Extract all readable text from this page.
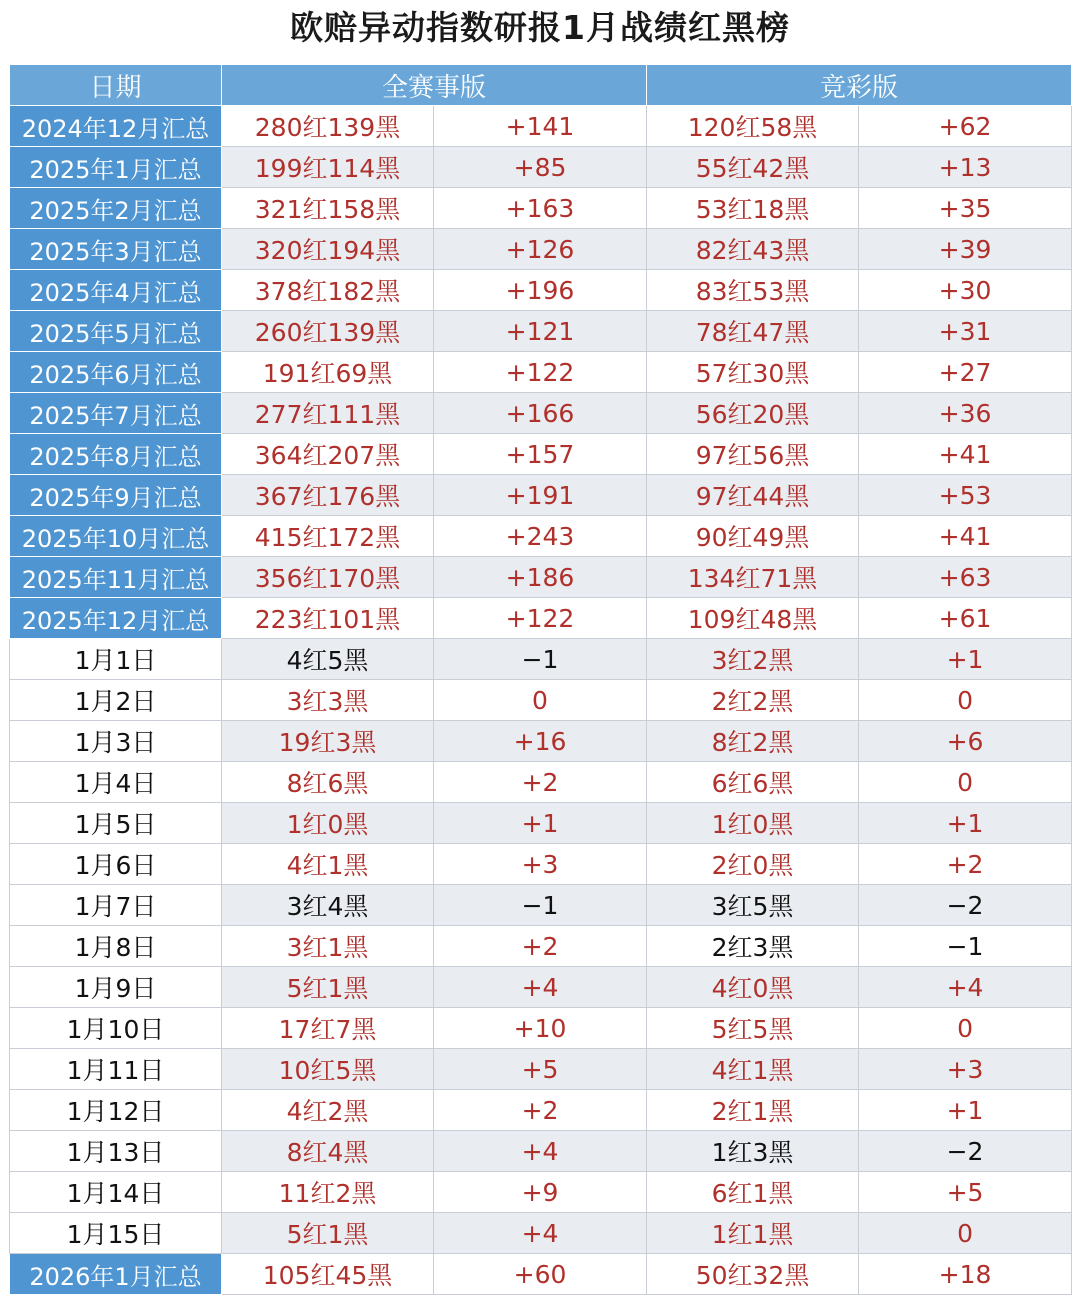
欧赔异动指数研报1月战绩红黑榜
日期	全赛事版		竞彩版	
2024年12月汇总	280红139黑	+141	120红58黑	+62
2025年1月汇总	199红114黑	+85	55红42黑	+13
2025年2月汇总	321红158黑	+163	53红18黑	+35
2025年3月汇总	320红194黑	+126	82红43黑	+39
2025年4月汇总	378红182黑	+196	83红53黑	+30
2025年5月汇总	260红139黑	+121	78红47黑	+31
2025年6月汇总	191红69黑	+122	57红30黑	+27
2025年7月汇总	277红111黑	+166	56红20黑	+36
2025年8月汇总	364红207黑	+157	97红56黑	+41
2025年9月汇总	367红176黑	+191	97红44黑	+53
2025年10月汇总	415红172黑	+243	90红49黑	+41
2025年11月汇总	356红170黑	+186	134红71黑	+63
2025年12月汇总	223红101黑	+122	109红48黑	+61
1月1日	4红5黑	−1	3红2黑	+1
1月2日	3红3黑	0	2红2黑	0
1月3日	19红3黑	+16	8红2黑	+6
1月4日	8红6黑	+2	6红6黑	0
1月5日	1红0黑	+1	1红0黑	+1
1月6日	4红1黑	+3	2红0黑	+2
1月7日	3红4黑	−1	3红5黑	−2
1月8日	3红1黑	+2	2红3黑	−1
1月9日	5红1黑	+4	4红0黑	+4
1月10日	17红7黑	+10	5红5黑	0
1月11日	10红5黑	+5	4红1黑	+3
1月12日	4红2黑	+2	2红1黑	+1
1月13日	8红4黑	+4	1红3黑	−2
1月14日	11红2黑	+9	6红1黑	+5
1月15日	5红1黑	+4	1红1黑	0
2026年1月汇总	105红45黑	+60	50红32黑	+18
